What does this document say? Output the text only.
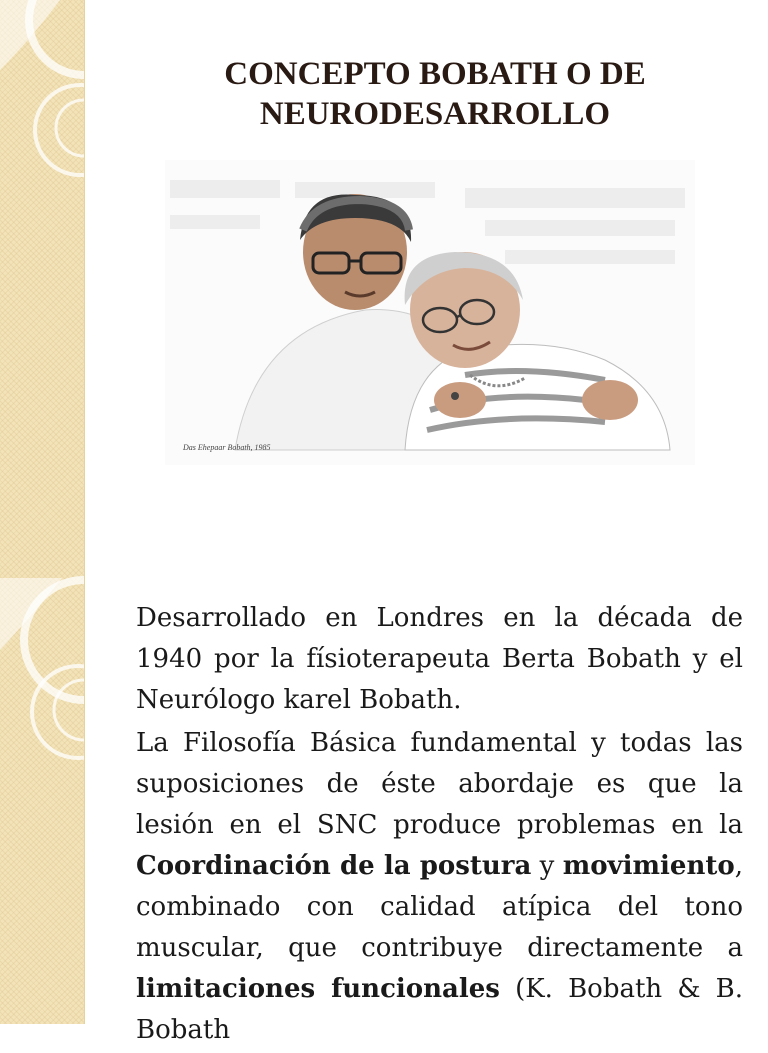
CONCEPTO BOBATH O DE
NEURODESARROLLO
Das Ehepaar Bobath, 1985

Desarrollado en Londres en la década de 1940 por la físioterapeuta Berta Bobath y el Neurólogo karel Bobath.

La Filosofía Básica fundamental y todas las suposiciones de éste abordaje es que la lesión en el SNC produce problemas en la Coordinación de la postura y movimiento, combinado con calidad atípica del tono muscular, que contribuye directamente a limitaciones funcionales (K. Bobath & B. Bobath
